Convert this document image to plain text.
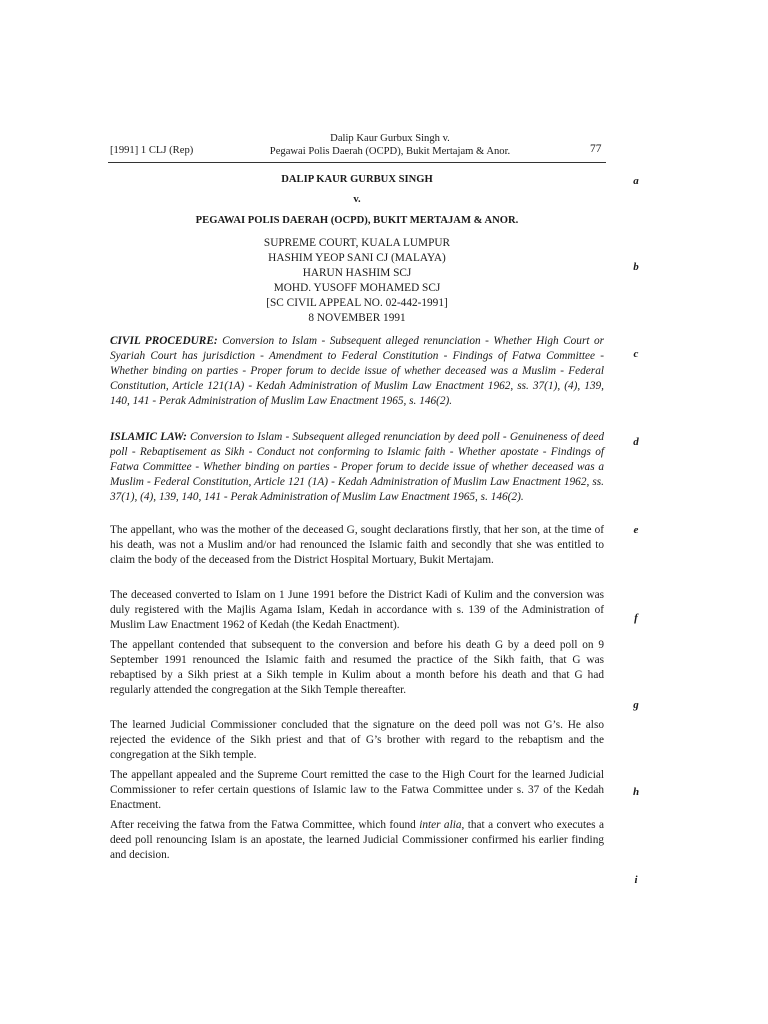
Dalip Kaur Gurbux Singh v.
[1991] 1 CLJ (Rep)	Pegawai Polis Daerah (OCPD), Bukit Mertajam & Anor.	77
DALIP KAUR GURBUX SINGH
v.
PEGAWAI POLIS DAERAH (OCPD), BUKIT MERTAJAM & ANOR.
SUPREME COURT, KUALA LUMPUR
HASHIM YEOP SANI CJ (MALAYA)
HARUN HASHIM SCJ
MOHD. YUSOFF MOHAMED SCJ
[SC CIVIL APPEAL NO. 02-442-1991]
8 NOVEMBER 1991

CIVIL PROCEDURE: Conversion to Islam - Subsequent alleged renunciation - Whether High Court or Syariah Court has jurisdiction - Amendment to Federal Constitution - Findings of Fatwa Committee - Whether binding on parties - Proper forum to decide issue of whether deceased was a Muslim - Federal Constitution, Article 121(1A) - Kedah Administration of Muslim Law Enactment 1962, ss. 37(1), (4), 139, 140, 141 - Perak Administration of Muslim Law Enactment 1965, s. 146(2).

ISLAMIC LAW: Conversion to Islam - Subsequent alleged renunciation by deed poll - Genuineness of deed poll - Rebaptisement as Sikh - Conduct not conforming to Islamic faith - Whether apostate - Findings of Fatwa Committee - Whether binding on parties - Proper forum to decide issue of whether deceased was a Muslim - Federal Constitution, Article 121 (1A) - Kedah Administration of Muslim Law Enactment 1962, ss. 37(1), (4), 139, 140, 141 - Perak Administration of Muslim Law Enactment 1965, s. 146(2).

The appellant, who was the mother of the deceased G, sought declarations firstly, that her son, at the time of his death, was not a Muslim and/or had renounced the Islamic faith and secondly that she was entitled to claim the body of the deceased from the District Hospital Mortuary, Bukit Mertajam.

The deceased converted to Islam on 1 June 1991 before the District Kadi of Kulim and the conversion was duly registered with the Majlis Agama Islam, Kedah in accordance with s. 139 of the Administration of Muslim Law Enactment 1962 of Kedah (the Kedah Enactment).

The appellant contended that subsequent to the conversion and before his death G by a deed poll on 9 September 1991 renounced the Islamic faith and resumed the practice of the Sikh faith, that G was rebaptised by a Sikh priest at a Sikh temple in Kulim about a month before his death and that G had regularly attended the congregation at the Sikh Temple thereafter.

The learned Judicial Commissioner concluded that the signature on the deed poll was not G’s. He also rejected the evidence of the Sikh priest and that of G’s brother with regard to the rebaptism and the congregation at the Sikh temple.

The appellant appealed and the Supreme Court remitted the case to the High Court for the learned Judicial Commissioner to refer certain questions of Islamic law to the Fatwa Committee under s. 37 of the Kedah Enactment.

After receiving the fatwa from the Fatwa Committee, which found inter alia, that a convert who executes a deed poll renouncing Islam is an apostate, the learned Judicial Commissioner confirmed his earlier finding and decision.

a
b
c
d
e
f
g
h
i
